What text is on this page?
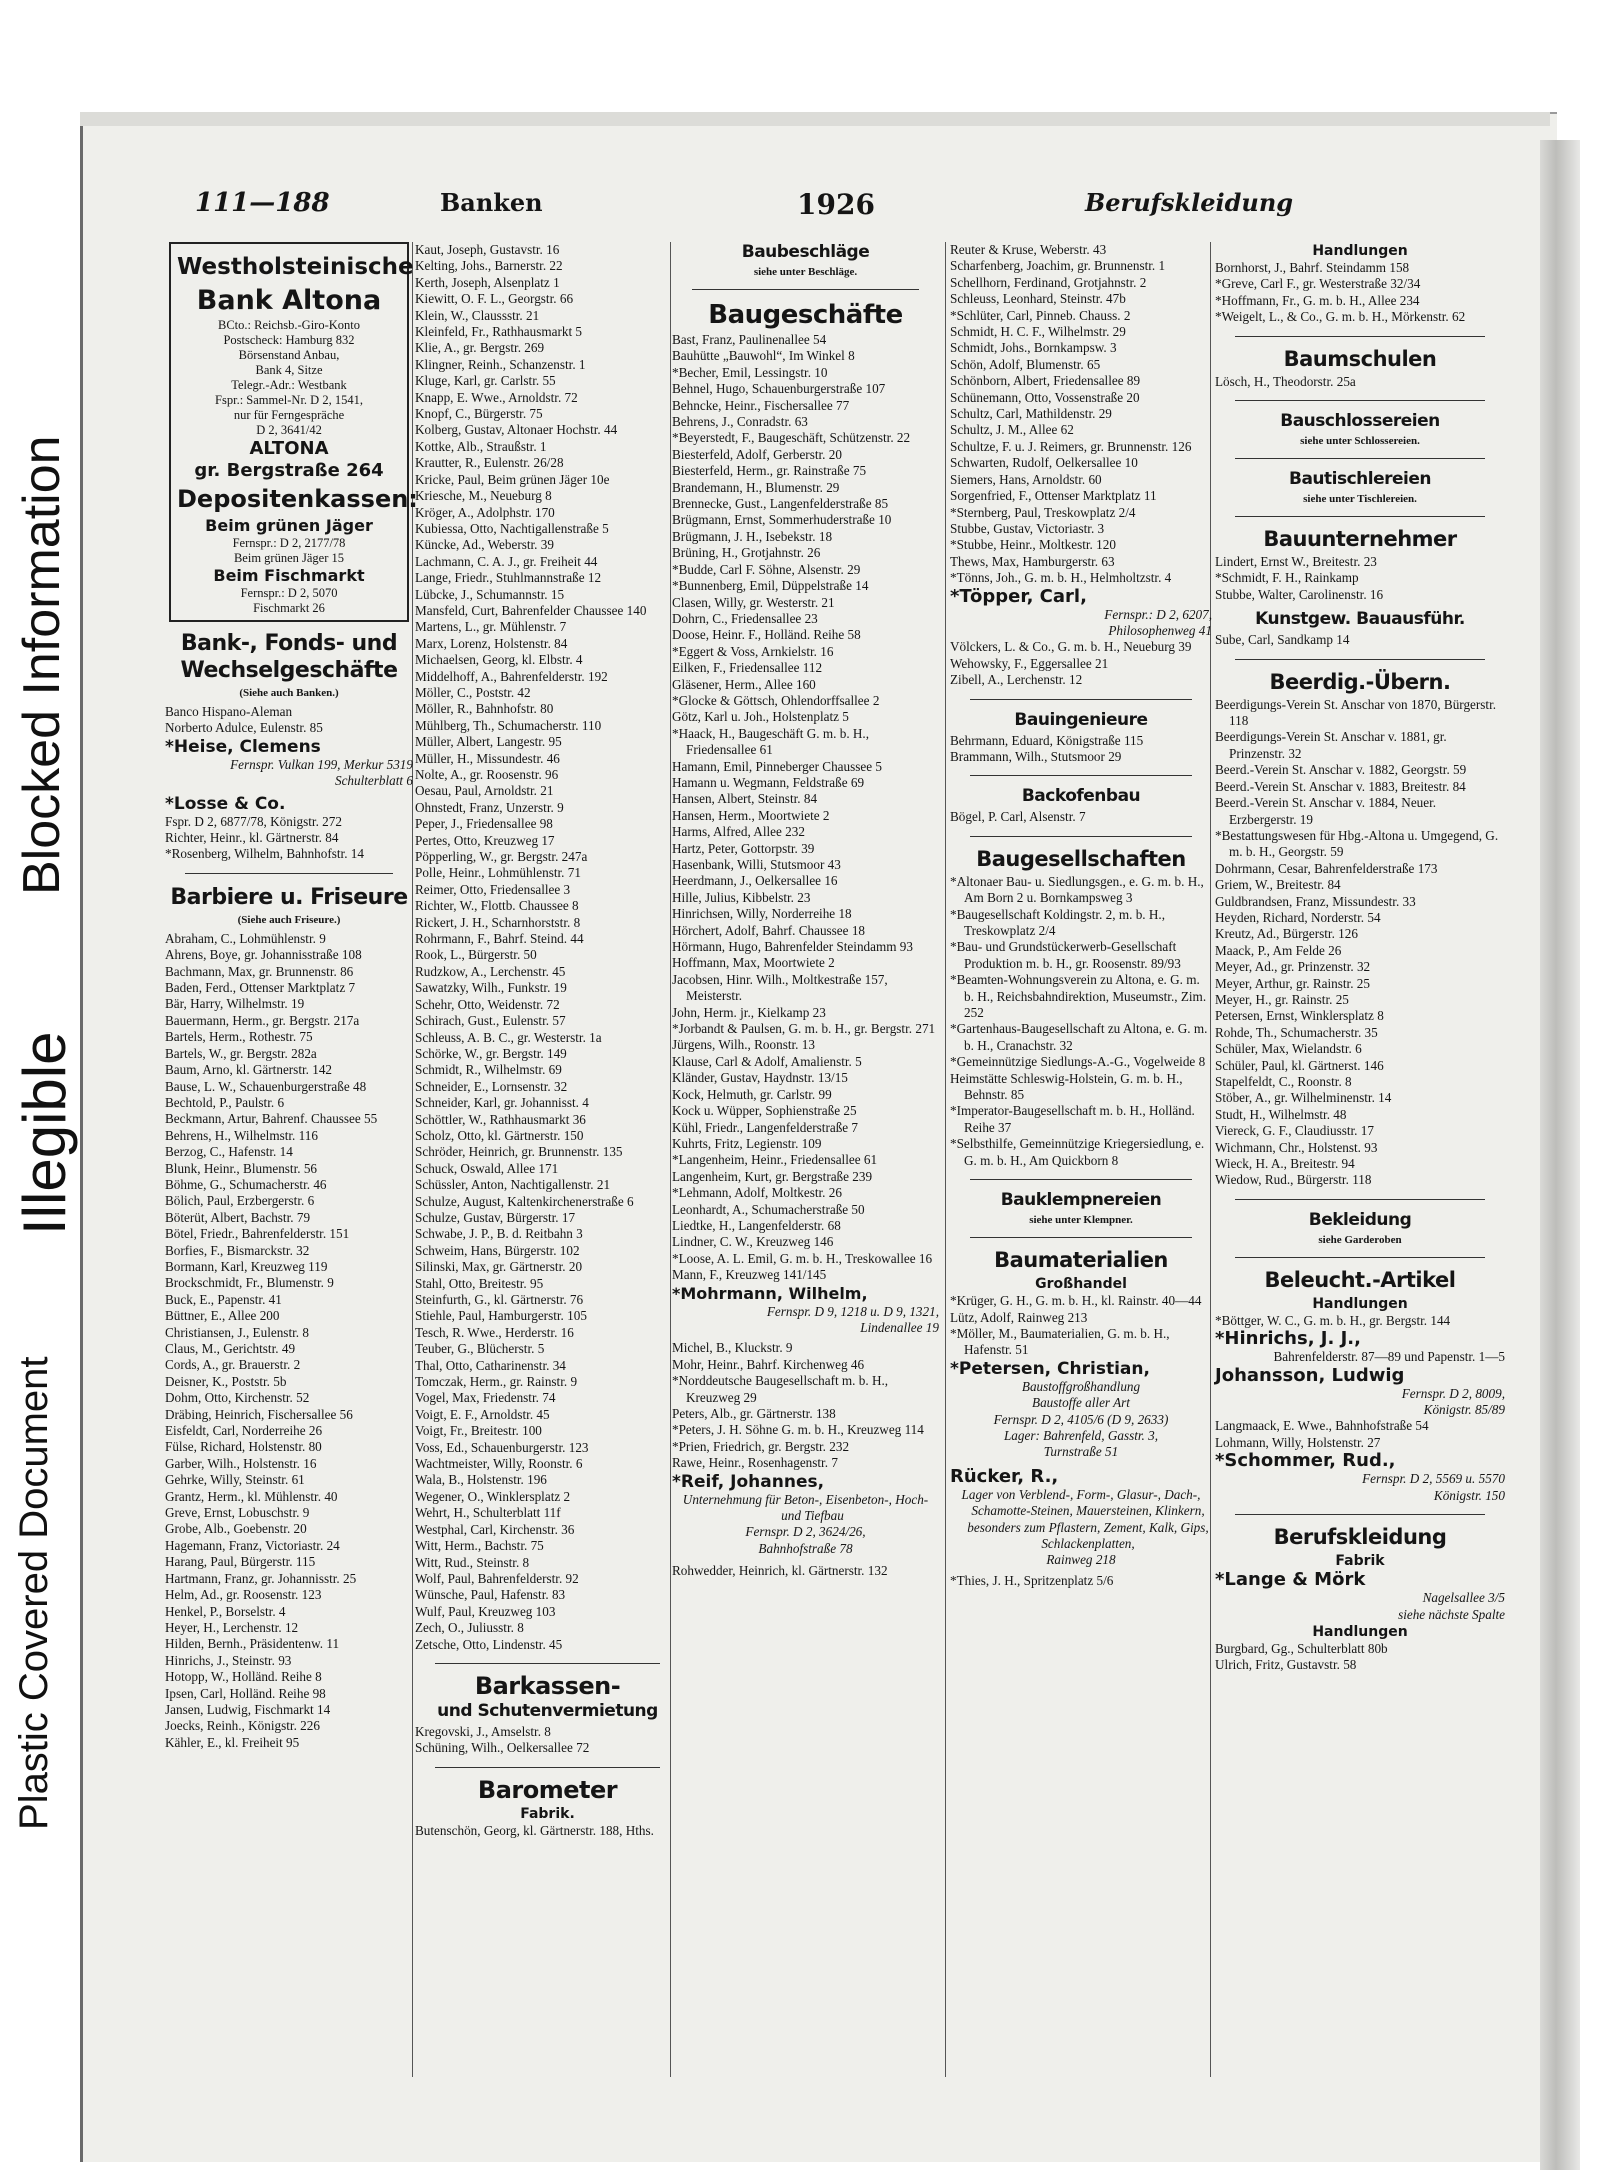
Plastic Covered Document
Illegible
Blocked Information
111—188	Banken	1926	Berufskleidung
Westholsteinische
Bank Altona
BCto.: Reichsb.-Giro-Konto
Postscheck: Hamburg 832
Börsenstand Anbau,
Bank 4, Sitze
Telegr.-Adr.: Westbank
Fspr.: Sammel-Nr. D 2, 1541,
nur für Ferngespräche
D 2, 3641/42
ALTONA
gr. Bergstraße 264
Depositenkassen:
Beim grünen Jäger
Fernspr.: D 2, 2177/78
Beim grünen Jäger 15
Beim Fischmarkt
Fernspr.: D 2, 5070
Fischmarkt 26
Bank-, Fonds- und Wechselgeschäfte
(Siehe auch Banken.)

Banco Hispano-Aleman

Norberto Adulce, Eulenstr. 85

*Heise, Clemens

Fernspr. Vulkan 199, Merkur 5319

Schulterblatt 6

*Losse & Co.

Fspr. D 2, 6877/78, Königstr. 272

Richter, Heinr., kl. Gärtnerstr. 84

*Rosenberg, Wilhelm, Bahnhofstr. 14

Barbiere u. Friseure
(Siehe auch Friseure.)

Abraham, C., Lohmühlenstr. 9

Ahrens, Boye, gr. Johannisstraße 108

Bachmann, Max, gr. Brunnenstr. 86

Baden, Ferd., Ottenser Marktplatz 7

Bär, Harry, Wilhelmstr. 19

Bauermann, Herm., gr. Bergstr. 217a

Bartels, Herm., Rothestr. 75

Bartels, W., gr. Bergstr. 282a

Baum, Arno, kl. Gärtnerstr. 142

Bause, L. W., Schauenburgerstraße 48

Bechtold, P., Paulstr. 6

Beckmann, Artur, Bahrenf. Chaussee 55

Behrens, H., Wilhelmstr. 116

Berzog, C., Hafenstr. 14

Blunk, Heinr., Blumenstr. 56

Böhme, G., Schumacherstr. 46

Bölich, Paul, Erzbergerstr. 6

Böterüt, Albert, Bachstr. 79

Bötel, Friedr., Bahrenfelderstr. 151

Borfies, F., Bismarckstr. 32

Bormann, Karl, Kreuzweg 119

Brockschmidt, Fr., Blumenstr. 9

Buck, E., Papenstr. 41

Büttner, E., Allee 200

Christiansen, J., Eulenstr. 8

Claus, M., Gerichtstr. 49

Cords, A., gr. Brauerstr. 2

Deisner, K., Poststr. 5b

Dohm, Otto, Kirchenstr. 52

Dräbing, Heinrich, Fischersallee 56

Eisfeldt, Carl, Norderreihe 26

Fülse, Richard, Holstenstr. 80

Garber, Wilh., Holstenstr. 16

Gehrke, Willy, Steinstr. 61

Grantz, Herm., kl. Mühlenstr. 40

Greve, Ernst, Lobuschstr. 9

Grobe, Alb., Goebenstr. 20

Hagemann, Franz, Victoriastr. 24

Harang, Paul, Bürgerstr. 115

Hartmann, Franz, gr. Johannisstr. 25

Helm, Ad., gr. Roosenstr. 123

Henkel, P., Borselstr. 4

Heyer, H., Lerchenstr. 12

Hilden, Bernh., Präsidentenw. 11

Hinrichs, J., Steinstr. 93

Hotopp, W., Holländ. Reihe 8

Ipsen, Carl, Holländ. Reihe 98

Jansen, Ludwig, Fischmarkt 14

Joecks, Reinh., Königstr. 226

Kähler, E., kl. Freiheit 95

Kaut, Joseph, Gustavstr. 16

Kelting, Johs., Barnerstr. 22

Kerth, Joseph, Alsenplatz 1

Kiewitt, O. F. L., Georgstr. 66

Klein, W., Claussstr. 21

Kleinfeld, Fr., Rathhausmarkt 5

Klie, A., gr. Bergstr. 269

Klingner, Reinh., Schanzenstr. 1

Kluge, Karl, gr. Carlstr. 55

Knapp, E. Wwe., Arnoldstr. 72

Knopf, C., Bürgerstr. 75

Kolberg, Gustav, Altonaer Hochstr. 44

Kottke, Alb., Straußstr. 1

Krautter, R., Eulenstr. 26/28

Kricke, Paul, Beim grünen Jäger 10e

Kriesche, M., Neueburg 8

Kröger, A., Adolphstr. 170

Kubiessa, Otto, Nachtigallenstraße 5

Küncke, Ad., Weberstr. 39

Lachmann, C. A. J., gr. Freiheit 44

Lange, Friedr., Stuhlmannstraße 12

Lübcke, J., Schumannstr. 15

Mansfeld, Curt, Bahrenfelder Chaussee 140

Martens, L., gr. Mühlenstr. 7

Marx, Lorenz, Holstenstr. 84

Michaelsen, Georg, kl. Elbstr. 4

Middelhoff, A., Bahrenfelderstr. 192

Möller, C., Poststr. 42

Möller, R., Bahnhofstr. 80

Mühlberg, Th., Schumacherstr. 110

Müller, Albert, Langestr. 95

Müller, H., Missundestr. 46

Nolte, A., gr. Roosenstr. 96

Oesau, Paul, Arnoldstr. 21

Ohnstedt, Franz, Unzerstr. 9

Peper, J., Friedensallee 98

Pertes, Otto, Kreuzweg 17

Pöpperling, W., gr. Bergstr. 247a

Polle, Heinr., Lohmühlenstr. 71

Reimer, Otto, Friedensallee 3

Richter, W., Flottb. Chaussee 8

Rickert, J. H., Scharnhorststr. 8

Rohrmann, F., Bahrf. Steind. 44

Rook, L., Bürgerstr. 50

Rudzkow, A., Lerchenstr. 45

Sawatzky, Wilh., Funkstr. 19

Schehr, Otto, Weidenstr. 72

Schirach, Gust., Eulenstr. 57

Schleuss, A. B. C., gr. Westerstr. 1a

Schörke, W., gr. Bergstr. 149

Schmidt, R., Wilhelmstr. 69

Schneider, E., Lornsenstr. 32

Schneider, Karl, gr. Johannisst. 4

Schöttler, W., Rathhausmarkt 36

Scholz, Otto, kl. Gärtnerstr. 150

Schröder, Heinrich, gr. Brunnenstr. 135

Schuck, Oswald, Allee 171

Schüssler, Anton, Nachtigallenstr. 21

Schulze, August, Kaltenkirchenerstraße 6

Schulze, Gustav, Bürgerstr. 17

Schwabe, J. P., B. d. Reitbahn 3

Schweim, Hans, Bürgerstr. 102

Silinski, Max, gr. Gärtnerstr. 20

Stahl, Otto, Breitestr. 95

Steinfurth, G., kl. Gärtnerstr. 76

Stiehle, Paul, Hamburgerstr. 105

Tesch, R. Wwe., Herderstr. 16

Teuber, G., Blücherstr. 5

Thal, Otto, Catharinenstr. 34

Tomczak, Herm., gr. Rainstr. 9

Vogel, Max, Friedenstr. 74

Voigt, E. F., Arnoldstr. 45

Voigt, Fr., Breitestr. 100

Voss, Ed., Schauenburgerstr. 123

Wachtmeister, Willy, Roonstr. 6

Wala, B., Holstenstr. 196

Wegener, O., Winklersplatz 2

Wehrt, H., Schulterblatt 11f

Westphal, Carl, Kirchenstr. 36

Witt, Herm., Bachstr. 75

Witt, Rud., Steinstr. 8

Wolf, Paul, Bahrenfelderstr. 92

Wünsche, Paul, Hafenstr. 83

Wulf, Paul, Kreuzweg 103

Zech, O., Juliusstr. 8

Zetsche, Otto, Lindenstr. 45

Barkassen-
und Schutenvermietung

Kregovski, J., Amselstr. 8

Schüning, Wilh., Oelkersallee 72

Barometer
Fabrik.

Butenschön, Georg, kl. Gärtnerstr. 188, Hths.

Baubeschläge
siehe unter Beschläge.
Baugeschäfte

Bast, Franz, Paulinenallee 54

Bauhütte „Bauwohl“, Im Winkel 8

*Becher, Emil, Lessingstr. 10

Behnel, Hugo, Schauenburgerstraße 107

Behncke, Heinr., Fischersallee 77

Behrens, J., Conradstr. 63

*Beyerstedt, F., Baugeschäft, Schützenstr. 22

Biesterfeld, Adolf, Gerberstr. 20

Biesterfeld, Herm., gr. Rainstraße 75

Brandemann, H., Blumenstr. 29

Brennecke, Gust., Langenfelderstraße 85

Brügmann, Ernst, Sommerhuderstraße 10

Brügmann, J. H., Isebekstr. 18

Brüning, H., Grotjahnstr. 26

*Budde, Carl F. Söhne, Alsenstr. 29

*Bunnenberg, Emil, Düppelstraße 14

Clasen, Willy, gr. Westerstr. 21

Dohrn, C., Friedensallee 23

Doose, Heinr. F., Holländ. Reihe 58

*Eggert & Voss, Arnkielstr. 16

Eilken, F., Friedensallee 112

Gläsener, Herm., Allee 160

*Glocke & Göttsch, Ohlendorffsallee 2

Götz, Karl u. Joh., Holstenplatz 5

*Haack, H., Baugeschäft G. m. b. H., Friedensallee 61

Hamann, Emil, Pinneberger Chaussee 5

Hamann u. Wegmann, Feldstraße 69

Hansen, Albert, Steinstr. 84

Hansen, Herm., Moortwiete 2

Harms, Alfred, Allee 232

Hartz, Peter, Gottorpstr. 39

Hasenbank, Willi, Stutsmoor 43

Heerdmann, J., Oelkersallee 16

Hille, Julius, Kibbelstr. 23

Hinrichsen, Willy, Norderreihe 18

Hörchert, Adolf, Bahrf. Chaussee 18

Hörmann, Hugo, Bahrenfelder Steindamm 93

Hoffmann, Max, Moortwiete 2

Jacobsen, Hinr. Wilh., Moltkestraße 157, Meisterstr.

John, Herm. jr., Kielkamp 23

*Jorbandt & Paulsen, G. m. b. H., gr. Bergstr. 271

Jürgens, Wilh., Roonstr. 13

Klause, Carl & Adolf, Amalienstr. 5

Kländer, Gustav, Haydnstr. 13/15

Kock, Helmuth, gr. Carlstr. 99

Kock u. Wüpper, Sophienstraße 25

Kühl, Friedr., Langenfelderstraße 7

Kuhrts, Fritz, Legienstr. 109

*Langenheim, Heinr., Friedensallee 61

Langenheim, Kurt, gr. Bergstraße 239

*Lehmann, Adolf, Moltkestr. 26

Leonhardt, A., Schumacherstraße 50

Liedtke, H., Langenfelderstr. 68

Lindner, C. W., Kreuzweg 146

*Loose, A. L. Emil, G. m. b. H., Treskowallee 16

Mann, F., Kreuzweg 141/145

*Mohrmann, Wilhelm,

Fernspr. D 9, 1218 u. D 9, 1321,

Lindenallee 19

Michel, B., Kluckstr. 9

Mohr, Heinr., Bahrf. Kirchenweg 46

*Norddeutsche Baugesellschaft m. b. H., Kreuzweg 29

Peters, Alb., gr. Gärtnerstr. 138

*Peters, J. H. Söhne G. m. b. H., Kreuzweg 114

*Prien, Friedrich, gr. Bergstr. 232

Rawe, Heinr., Rosenhagenstr. 7

*Reif, Johannes,

Unternehmung für Beton-, Eisenbeton-, Hoch- und Tiefbau

Fernspr. D 2, 3624/26,

Bahnhofstraße 78

Rohwedder, Heinrich, kl. Gärtnerstr. 132

Reuter & Kruse, Weberstr. 43

Scharfenberg, Joachim, gr. Brunnenstr. 1

Schellhorn, Ferdinand, Grotjahnstr. 2

Schleuss, Leonhard, Steinstr. 47b

*Schlüter, Carl, Pinneb. Chauss. 2

Schmidt, H. C. F., Wilhelmstr. 29

Schmidt, Johs., Bornkampsw. 3

Schön, Adolf, Blumenstr. 65

Schönborn, Albert, Friedensallee 89

Schünemann, Otto, Vossenstraße 20

Schultz, Carl, Mathildenstr. 29

Schultz, J. M., Allee 62

Schultze, F. u. J. Reimers, gr. Brunnenstr. 126

Schwarten, Rudolf, Oelkersallee 10

Siemers, Hans, Arnoldstr. 60

Sorgenfried, F., Ottenser Marktplatz 11

*Sternberg, Paul, Treskowplatz 2/4

Stubbe, Gustav, Victoriastr. 3

*Stubbe, Heinr., Moltkestr. 120

Thews, Max, Hamburgerstr. 63

*Tönns, Joh., G. m. b. H., Helmholtzstr. 4

*Töpper, Carl,

Fernspr.: D 2, 6207,

Philosophenweg 41

Völckers, L. & Co., G. m. b. H., Neueburg 39

Wehowsky, F., Eggersallee 21

Zibell, A., Lerchenstr. 12

Bauingenieure

Behrmann, Eduard, Königstraße 115

Brammann, Wilh., Stutsmoor 29

Backofenbau

Bögel, P. Carl, Alsenstr. 7

Baugesellschaften

*Altonaer Bau- u. Siedlungsgen., e. G. m. b. H., Am Born 2 u. Bornkampsweg 3

*Baugesellschaft Koldingstr. 2, m. b. H., Treskowplatz 2/4

*Bau- und Grundstückerwerb-Gesellschaft Produktion m. b. H., gr. Roosenstr. 89/93

*Beamten-Wohnungsverein zu Altona, e. G. m. b. H., Reichsbahndirektion, Museumstr., Zim. 252

*Gartenhaus-Baugesellschaft zu Altona, e. G. m. b. H., Cranachstr. 32

*Gemeinnützige Siedlungs-A.-G., Vogelweide 8

Heimstätte Schleswig-Holstein, G. m. b. H., Behnstr. 85

*Imperator-Baugesellschaft m. b. H., Holländ. Reihe 37

*Selbsthilfe, Gemeinnützige Kriegersiedlung, e. G. m. b. H., Am Quickborn 8

Bauklempnereien
siehe unter Klempner.
Baumaterialien
Großhandel

*Krüger, G. H., G. m. b. H., kl. Rainstr. 40—44

Lütz, Adolf, Rainweg 213

*Möller, M., Baumaterialien, G. m. b. H., Hafenstr. 51

*Petersen, Christian,

Baustoffgroßhandlung

Baustoffe aller Art

Fernspr. D 2, 4105/6 (D 9, 2633)

Lager: Bahrenfeld, Gasstr. 3,

Turnstraße 51

Rücker, R.,

Lager von Verblend-, Form-, Glasur-, Dach-, Schamotte-Steinen, Mauersteinen, Klinkern, besonders zum Pflastern, Zement, Kalk, Gips, Schlackenplatten,

Rainweg 218

*Thies, J. H., Spritzenplatz 5/6

Handlungen

Bornhorst, J., Bahrf. Steindamm 158

*Greve, Carl F., gr. Westerstraße 32/34

*Hoffmann, Fr., G. m. b. H., Allee 234

*Weigelt, L., & Co., G. m. b. H., Mörkenstr. 62

Baumschulen

Lösch, H., Theodorstr. 25a

Bauschlossereien
siehe unter Schlossereien.
Bautischlereien
siehe unter Tischlereien.
Bauunternehmer

Lindert, Ernst W., Breitestr. 23

*Schmidt, F. H., Rainkamp

Stubbe, Walter, Carolinenstr. 16

Kunstgew. Bauausführ.

Sube, Carl, Sandkamp 14

Beerdig.-Übern.

Beerdigungs-Verein St. Anschar von 1870, Bürgerstr. 118

Beerdigungs-Verein St. Anschar v. 1881, gr. Prinzenstr. 32

Beerd.-Verein St. Anschar v. 1882, Georgstr. 59

Beerd.-Verein St. Anschar v. 1883, Breitestr. 84

Beerd.-Verein St. Anschar v. 1884, Neuer. Erzbergerstr. 19

*Bestattungswesen für Hbg.-Altona u. Umgegend, G. m. b. H., Georgstr. 59

Dohrmann, Cesar, Bahrenfelderstraße 173

Griem, W., Breitestr. 84

Guldbrandsen, Franz, Missundestr. 33

Heyden, Richard, Norderstr. 54

Kreutz, Ad., Bürgerstr. 126

Maack, P., Am Felde 26

Meyer, Ad., gr. Prinzenstr. 32

Meyer, Arthur, gr. Rainstr. 25

Meyer, H., gr. Rainstr. 25

Petersen, Ernst, Winklersplatz 8

Rohde, Th., Schumacherstr. 35

Schüler, Max, Wielandstr. 6

Schüler, Paul, kl. Gärtnerst. 146

Stapelfeldt, C., Roonstr. 8

Stöber, A., gr. Wilhelminenstr. 14

Studt, H., Wilhelmstr. 48

Viereck, G. F., Claudiusstr. 17

Wichmann, Chr., Holstenst. 93

Wieck, H. A., Breitestr. 94

Wiedow, Rud., Bürgerstr. 118

Bekleidung
siehe Garderoben
Beleucht.-Artikel
Handlungen

*Böttger, W. C., G. m. b. H., gr. Bergstr. 144

*Hinrichs, J. J.,

Bahrenfelderstr. 87—89 und Papenstr. 1—5

Johansson, Ludwig

Fernspr. D 2, 8009,

Königstr. 85/89

Langmaack, E. Wwe., Bahnhofstraße 54

Lohmann, Willy, Holstenstr. 27

*Schommer, Rud.,

Fernspr. D 2, 5569 u. 5570

Königstr. 150

Berufskleidung
Fabrik

*Lange & Mörk

Nagelsallee 3/5

siehe nächste Spalte

Handlungen

Burgbard, Gg., Schulterblatt 80b

Ulrich, Fritz, Gustavstr. 58
